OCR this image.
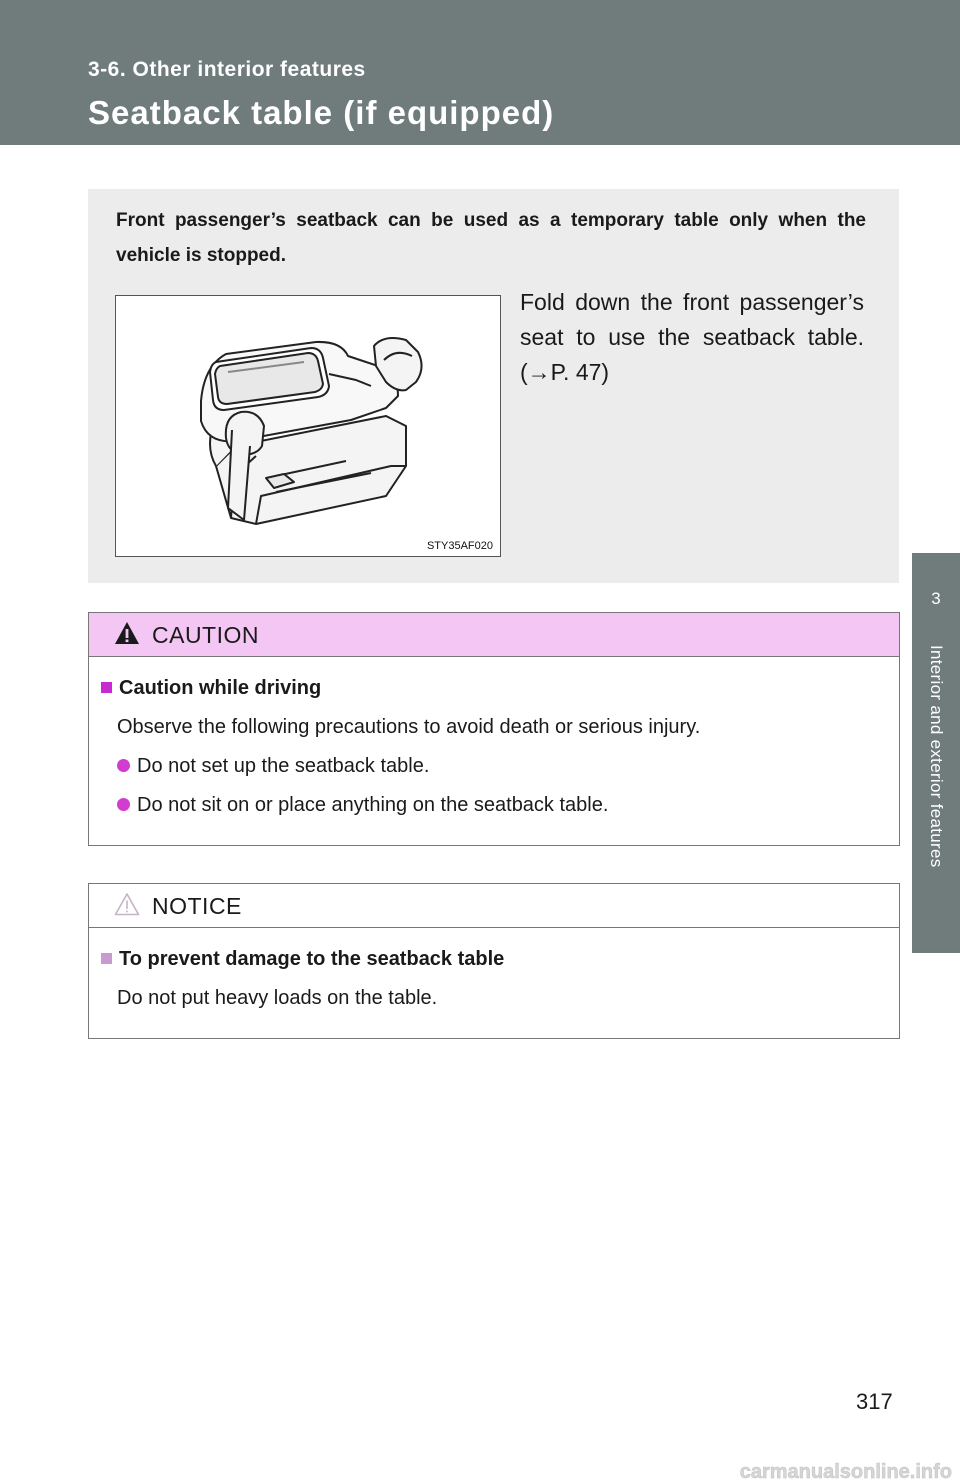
3-6. Other interior features
Seatback table (if equipped)
3
Interior and exterior features
Front passenger’s seatback can be used as a temporary table only when the vehicle is stopped.
STY35AF020
Fold down the front passenger’s seat to use the seatback table. (→P. 47)
CAUTION
Caution while driving
Observe the following precautions to avoid death or serious injury.
Do not set up the seatback table.
Do not sit on or place anything on the seatback table.
NOTICE
To prevent damage to the seatback table
Do not put heavy loads on the table.
317
carmanualsonline.info
